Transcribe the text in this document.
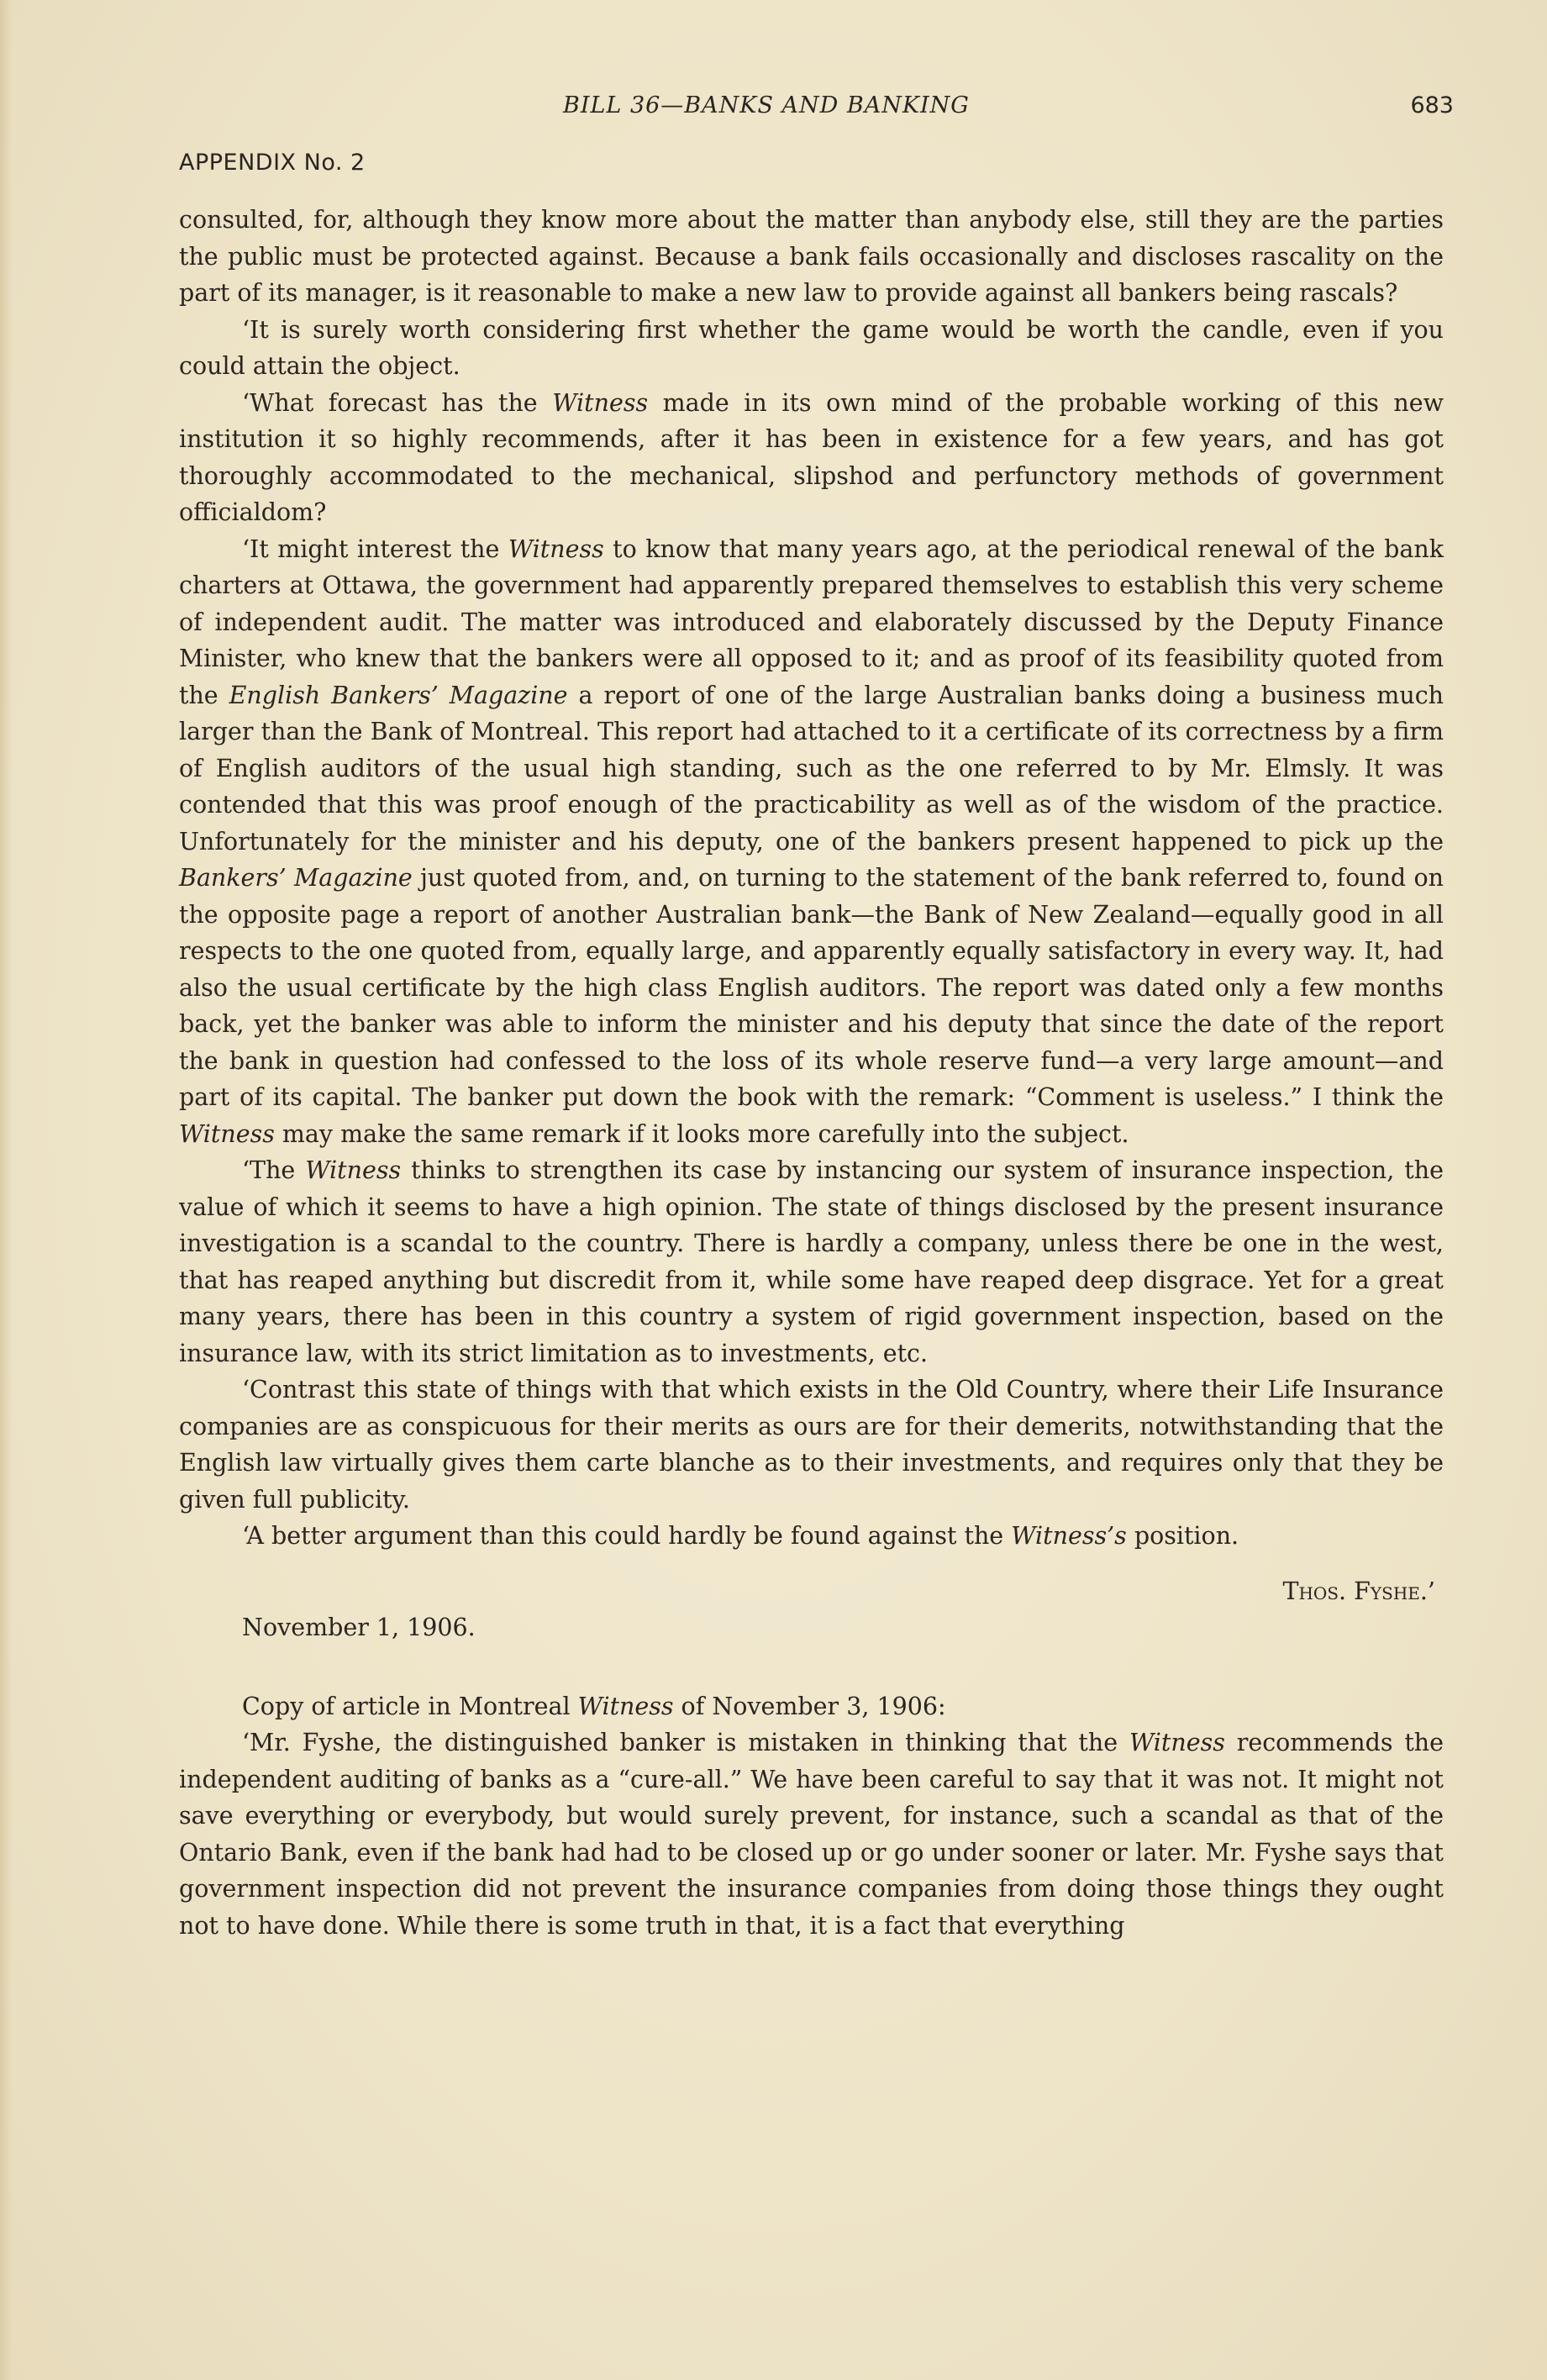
BILL 36—BANKS AND BANKING	683
APPENDIX No. 2

consulted, for, although they know more about the matter than anybody else, still they are the parties the public must be protected against. Because a bank fails occasionally and discloses rascality on the part of its manager, is it reasonable to make a new law to provide against all bankers being rascals?

‘It is surely worth considering first whether the game would be worth the candle, even if you could attain the object.

‘What forecast has the Witness made in its own mind of the probable working of this new institution it so highly recommends, after it has been in existence for a few years, and has got thoroughly accommodated to the mechanical, slipshod and perfunctory methods of government officialdom?

‘It might interest the Witness to know that many years ago, at the periodical renewal of the bank charters at Ottawa, the government had apparently prepared themselves to establish this very scheme of independent audit. The matter was introduced and elaborately discussed by the Deputy Finance Minister, who knew that the bankers were all opposed to it; and as proof of its feasibility quoted from the English Bankers’ Magazine a report of one of the large Australian banks doing a business much larger than the Bank of Montreal. This report had attached to it a certificate of its correctness by a firm of English auditors of the usual high standing, such as the one referred to by Mr. Elmsly. It was contended that this was proof enough of the practicability as well as of the wisdom of the practice. Unfortunately for the minister and his deputy, one of the bankers present happened to pick up the Bankers’ Magazine just quoted from, and, on turning to the statement of the bank referred to, found on the opposite page a report of another Australian bank—the Bank of New Zealand—equally good in all respects to the one quoted from, equally large, and apparently equally satisfactory in every way. It, had also the usual certificate by the high class English auditors. The report was dated only a few months back, yet the banker was able to inform the minister and his deputy that since the date of the report the bank in question had confessed to the loss of its whole reserve fund—a very large amount—and part of its capital. The banker put down the book with the remark: “Comment is useless.” I think the Witness may make the same remark if it looks more carefully into the subject.

‘The Witness thinks to strengthen its case by instancing our system of insurance inspection, the value of which it seems to have a high opinion. The state of things disclosed by the present insurance investigation is a scandal to the country. There is hardly a company, unless there be one in the west, that has reaped anything but discredit from it, while some have reaped deep disgrace. Yet for a great many years, there has been in this country a system of rigid government inspection, based on the insurance law, with its strict limitation as to investments, etc.

‘Contrast this state of things with that which exists in the Old Country, where their Life Insurance companies are as conspicuous for their merits as ours are for their demerits, notwithstanding that the English law virtually gives them carte blanche as to their investments, and requires only that they be given full publicity.

‘A better argument than this could hardly be found against the Witness’s position.

Thos. Fyshe.’

November 1, 1906.

Copy of article in Montreal Witness of November 3, 1906:

‘Mr. Fyshe, the distinguished banker is mistaken in thinking that the Witness recommends the independent auditing of banks as a “cure-all.” We have been careful to say that it was not. It might not save everything or everybody, but would surely prevent, for instance, such a scandal as that of the Ontario Bank, even if the bank had had to be closed up or go under sooner or later. Mr. Fyshe says that government inspection did not prevent the insurance companies from doing those things they ought not to have done. While there is some truth in that, it is a fact that everything
